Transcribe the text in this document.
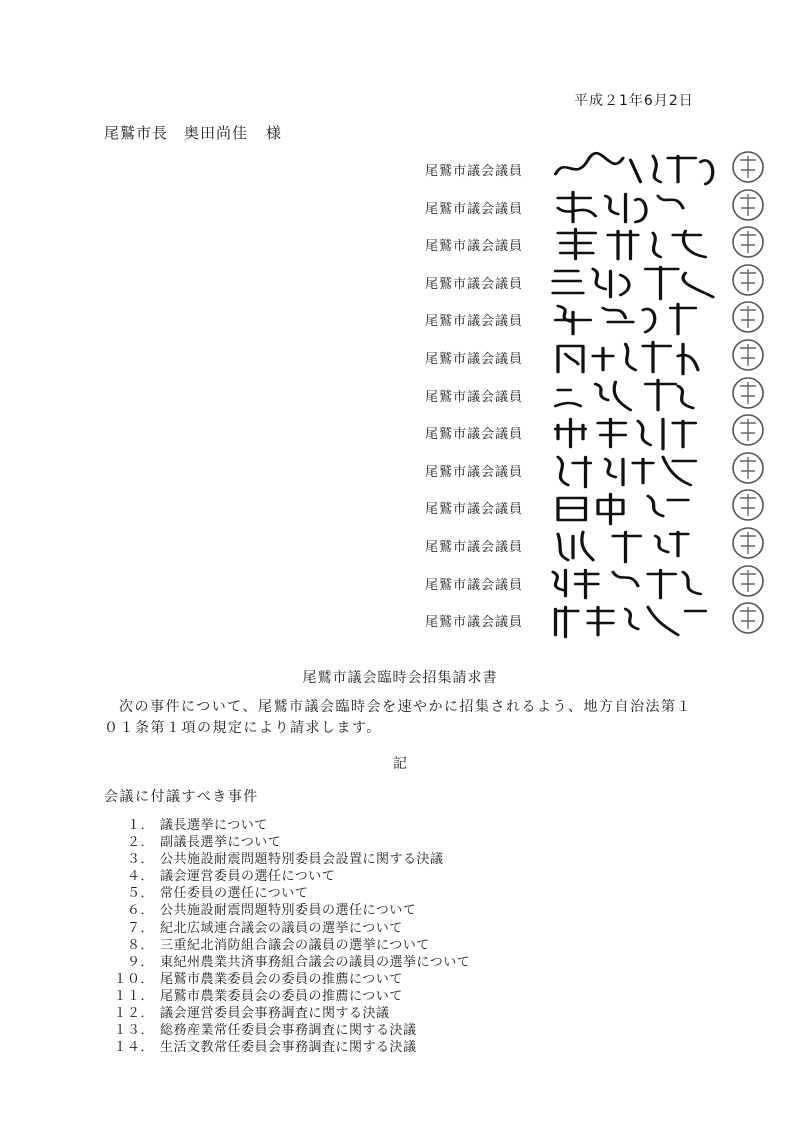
平成２1年6月2日
尾鷲市長　奥田尚佳 様
尾鷲市議会議員
尾鷲市議会議員
尾鷲市議会議員
尾鷲市議会議員
尾鷲市議会議員
尾鷲市議会議員
尾鷲市議会議員
尾鷲市議会議員
尾鷲市議会議員
尾鷲市議会議員
尾鷲市議会議員
尾鷲市議会議員
尾鷲市議会議員
尾鷲市議会臨時会招集請求書
次の事件について、尾鷲市議会臨時会を速やかに招集されるよう、地方自治法第１０１条第１項の規定により請求します。
記
会議に付議すべき事件
１． 議長選挙について
２． 副議長選挙について
３． 公共施設耐震問題特別委員会設置に関する決議
４． 議会運営委員の選任について
５． 常任委員の選任について
６． 公共施設耐震問題特別委員の選任について
７． 紀北広域連合議会の議員の選挙について
８． 三重紀北消防組合議会の議員の選挙について
９． 東紀州農業共済事務組合議会の議員の選挙について
１０． 尾鷲市農業委員会の委員の推薦について
１１． 尾鷲市農業委員会の委員の推薦について
１２． 議会運営委員会事務調査に関する決議
１３． 総務産業常任委員会事務調査に関する決議
１４． 生活文教常任委員会事務調査に関する決議
